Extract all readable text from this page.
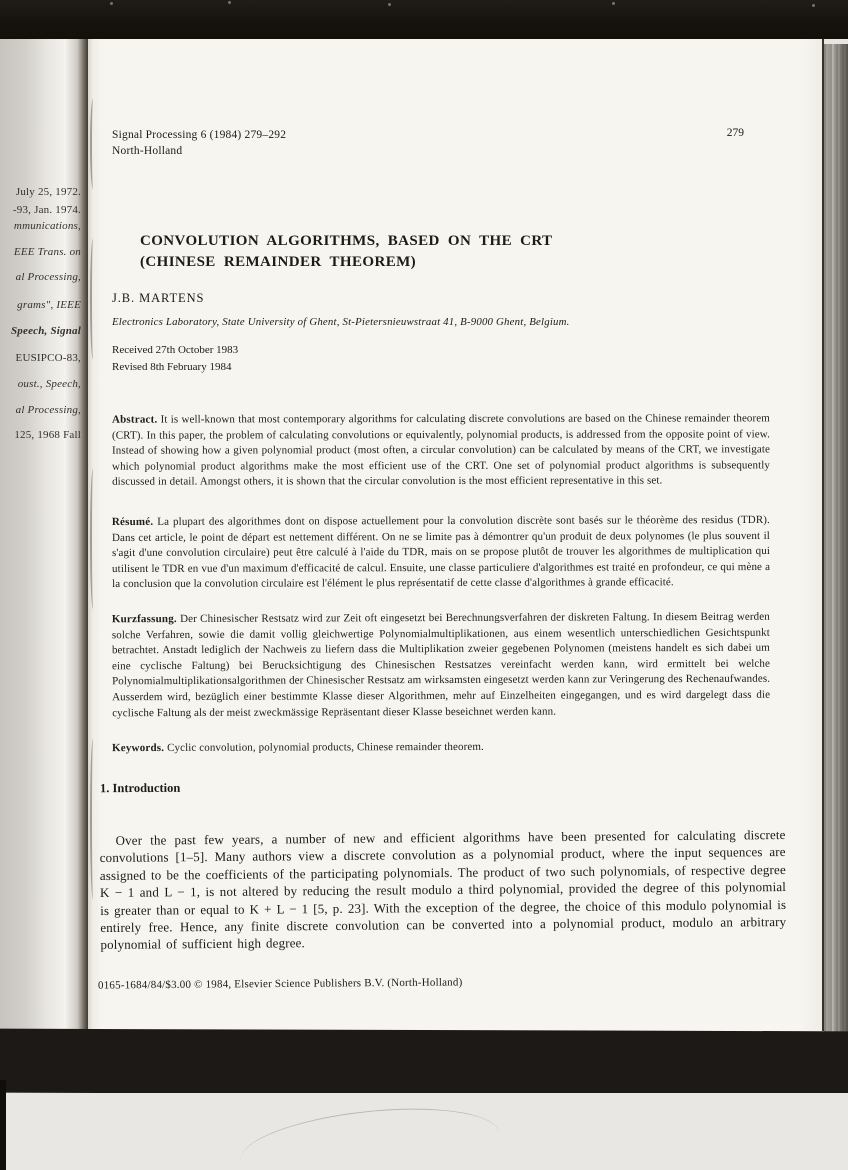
July 25, 1972.
-93, Jan. 1974.
mmunications,
EEE Trans. on
al Processing,
grams", IEEE
Speech, Signal
EUSIPCO-83,
oust., Speech,
al Processing,
125, 1968 Fall
Signal Processing 6 (1984) 279–292
North-Holland
279
CONVOLUTION ALGORITHMS, BASED ON THE CRT
(CHINESE REMAINDER THEOREM)
J.B. MARTENS
Electronics Laboratory, State University of Ghent, St-Pietersnieuwstraat 41, B-9000 Ghent, Belgium.
Received 27th October 1983
Revised 8th February 1984

Abstract. It is well-known that most contemporary algorithms for calculating discrete convolutions are based on the Chinese remainder theorem (CRT). In this paper, the problem of calculating convolutions or equivalently, polynomial products, is addressed from the opposite point of view. Instead of showing how a given polynomial product (most often, a circular convolution) can be calculated by means of the CRT, we investigate which polynomial product algorithms make the most efficient use of the CRT. One set of polynomial product algorithms is subsequently discussed in detail. Amongst others, it is shown that the circular convolution is the most efficient representative in this set.

Résumé. La plupart des algorithmes dont on dispose actuellement pour la convolution discrète sont basés sur le théorème des residus (TDR). Dans cet article, le point de départ est nettement différent. On ne se limite pas à démontrer qu'un produit de deux polynomes (le plus souvent il s'agit d'une convolution circulaire) peut être calculé à l'aide du TDR, mais on se propose plutôt de trouver les algorithmes de multiplication qui utilisent le TDR en vue d'un maximum d'efficacité de calcul. Ensuite, une classe particuliere d'algorithmes est traité en profondeur, ce qui mène a la conclusion que la convolution circulaire est l'élément le plus représentatif de cette classe d'algorithmes à grande efficacité.

Kurzfassung. Der Chinesischer Restsatz wird zur Zeit oft eingesetzt bei Berechnungsverfahren der diskreten Faltung. In diesem Beitrag werden solche Verfahren, sowie die damit vollig gleichwertige Polynomialmultiplikationen, aus einem wesentlich unterschiedlichen Gesichtspunkt betrachtet. Anstadt lediglich der Nachweis zu liefern dass die Multiplikation zweier gegebenen Polynomen (meistens handelt es sich dabei um eine cyclische Faltung) bei Berucksichtigung des Chinesischen Restsatzes vereinfacht werden kann, wird ermittelt bei welche Polynomialmultiplikationsalgorithmen der Chinesischer Restsatz am wirksamsten eingesetzt werden kann zur Veringerung des Rechenaufwandes. Ausserdem wird, bezüglich einer bestimmte Klasse dieser Algorithmen, mehr auf Einzelheiten eingegangen, und es wird dargelegt dass die cyclische Faltung als der meist zweckmässige Repräsentant dieser Klasse beseichnet werden kann.

Keywords. Cyclic convolution, polynomial products, Chinese remainder theorem.

1. Introduction

Over the past few years, a number of new and efficient algorithms have been presented for calculating discrete convolutions [1–5]. Many authors view a discrete convolution as a polynomial product, where the input sequences are assigned to be the coefficients of the participating polynomials. The product of two such polynomials, of respective degree K − 1 and L − 1, is not altered by reducing the result modulo a third polynomial, provided the degree of this polynomial is greater than or equal to K + L − 1 [5, p. 23]. With the exception of the degree, the choice of this modulo polynomial is entirely free. Hence, any finite discrete convolution can be converted into a polynomial product, modulo an arbitrary polynomial of sufficient high degree.

0165-1684/84/$3.00 © 1984, Elsevier Science Publishers B.V. (North-Holland)
